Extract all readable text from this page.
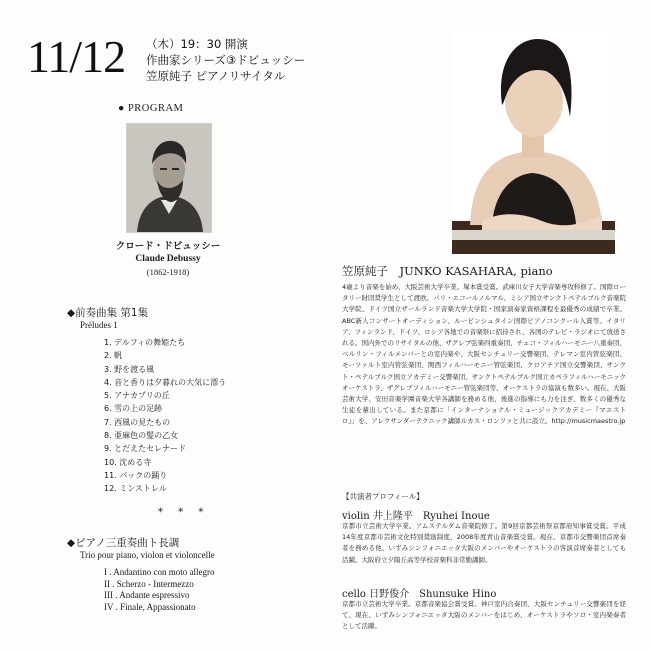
11/12 （木）19：30 開演
作曲家シリーズ③ドビュッシー
笠原純子 ピアノリサイタル
● PROGRAM
クロード・ドビュッシー
Claude Debussy
(1862-1918)
◆前奏曲集 第1集
Préludes 1
1. デルフィの舞姫たち
2. 帆
3. 野を渡る風
4. 音と香りは夕暮れの大気に漂う
5. アナカプリの丘
6. 雪の上の足跡
7. 西風の見たもの
8. 亜麻色の髪の乙女
9. とだえたセレナード
10. 沈める寺
11. パックの踊り
12. ミンストレル
* * *
◆ピアノ三重奏曲ト長調
Trio pour piano, violon et violoncelle
I . Andantino con moto allegro
II . Scherzo - Intermezzo
III . Andante espressivo
IV . Finale, Appassionato
笠原純子　JUNKO KASAHARA, piano

4歳より音楽を始め、大阪芸術大学卒業。塚本賞受賞。武庫川女子大学音楽専攻科修了。国際ロータリー財団奨学生として渡欧、パリ・エコールノルマル、ミシア国立サンクトペテルブルク音楽院大学院、ドイツ国立ザールランド音楽大学大学院・国家演奏家資格課程を最優秀の成績で卒業。ABC新人コンサートオーディション、ルービンシュタイン国際ピアノコンクール入賞等。イタリア、フィンランド、ドイツ、ロシア各地での音楽祭に招待され、各国のテレビ・ラジオにて放送される。国内外でのリサイタルの他、ザグレブ弦楽四重奏団、チェコ・フィルハーモニー八重奏団、ベルリン・フィルメンバーとの室内楽や、大阪センチュリー交響楽団、テレマン室内管弦楽団、モーツァルト室内管弦楽団、関西フィルハーモニー管弦楽団、クロアチア国立交響楽団、サンクト・ペテルブルク国立アカデミー交響楽団、サンクトペテルブルク国立カペラフィルハーモニックオーケストラ、ザグレブフィルハーモニー管弦楽団等、オーケストラの協演も数多い。現在、大阪芸術大学、安田音楽学園音楽大学各講師を務める他、後進の指導にも力を注ぎ、数多くの優秀な生徒を輩出している。また京都に「インターナショナル・ミュージックアカデミー『マエストロ』」を、アレクサンダーテクニック講師ルカス・ロンツァと共に設立。http://musicmaestro.jp

【共演者プロフィール】
violin 井上隆平　Ryuhei Inoue

京都市立芸術大学卒業。アムステルダム音楽院修了。第9回京都芸術祭京都府知事賞受賞。平成14年度京都市芸術文化特別奨励制度、2008年度青山音楽賞受賞。現在、京都市交響楽団首席奏者を務める他、いずみシンフォニエッタ大阪のメンバーやオーケストラの客演首席奏者としても活躍。大阪府立夕陽丘高等学校音楽科非常勤講師。

cello 日野俊介　Shunsuke Hino

京都市立芸術大学卒業。京都音楽協会賞受賞。神戸室内合奏団、大阪センチュリー交響楽団を経て、現在、いずみシンフォニエッタ大阪のメンバーをはじめ、オーケストラやソロ・室内楽奏者として活躍。
